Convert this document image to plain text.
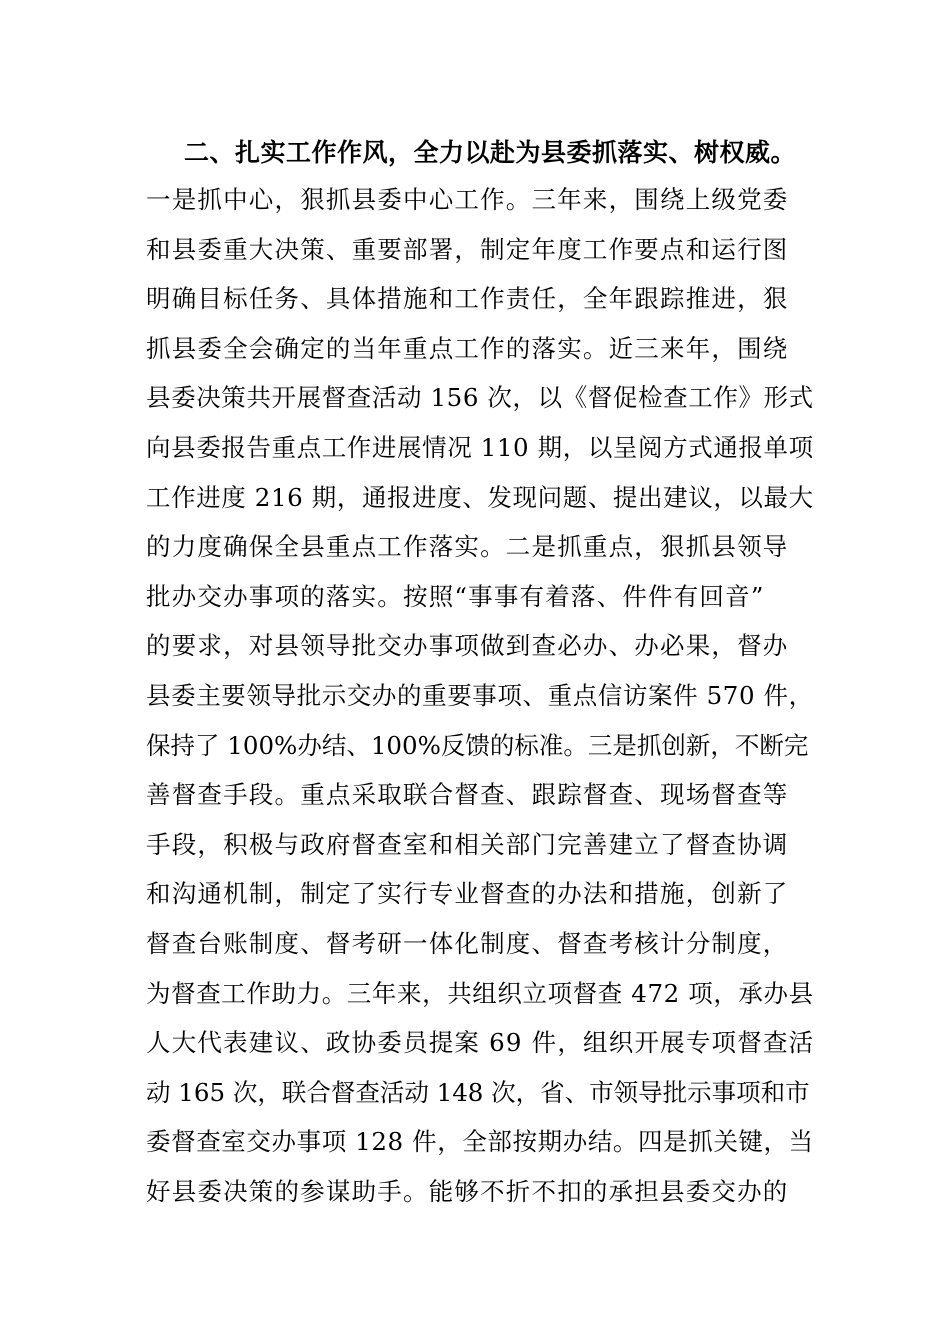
二、扎实工作作风，全力以赴为县委抓落实、树权威。
一是抓中心，狠抓县委中心工作。三年来，围绕上级党委
和县委重大决策、重要部署，制定年度工作要点和运行图
明确目标任务、具体措施和工作责任，全年跟踪推进，狠
抓县委全会确定的当年重点工作的落实。近三来年，围绕
县委决策共开展督查活动 156 次，以《督促检查工作》形式
向县委报告重点工作进展情况 110 期，以呈阅方式通报单项
工作进度 216 期，通报进度、发现问题、提出建议，以最大
的力度确保全县重点工作落实。二是抓重点，狠抓县领导
批办交办事项的落实。按照“事事有着落、件件有回音”
的要求，对县领导批交办事项做到查必办、办必果，督办
县委主要领导批示交办的重要事项、重点信访案件 570 件，
保持了 100%办结、100%反馈的标准。三是抓创新，不断完
善督查手段。重点采取联合督查、跟踪督查、现场督查等
手段，积极与政府督查室和相关部门完善建立了督查协调
和沟通机制，制定了实行专业督查的办法和措施，创新了
督查台账制度、督考研一体化制度、督查考核计分制度，
为督查工作助力。三年来，共组织立项督查 472 项，承办县
人大代表建议、政协委员提案 69 件，组织开展专项督查活
动 165 次，联合督查活动 148 次，省、市领导批示事项和市
委督查室交办事项 128 件，全部按期办结。四是抓关键，当
好县委决策的参谋助手。能够不折不扣的承担县委交办的
